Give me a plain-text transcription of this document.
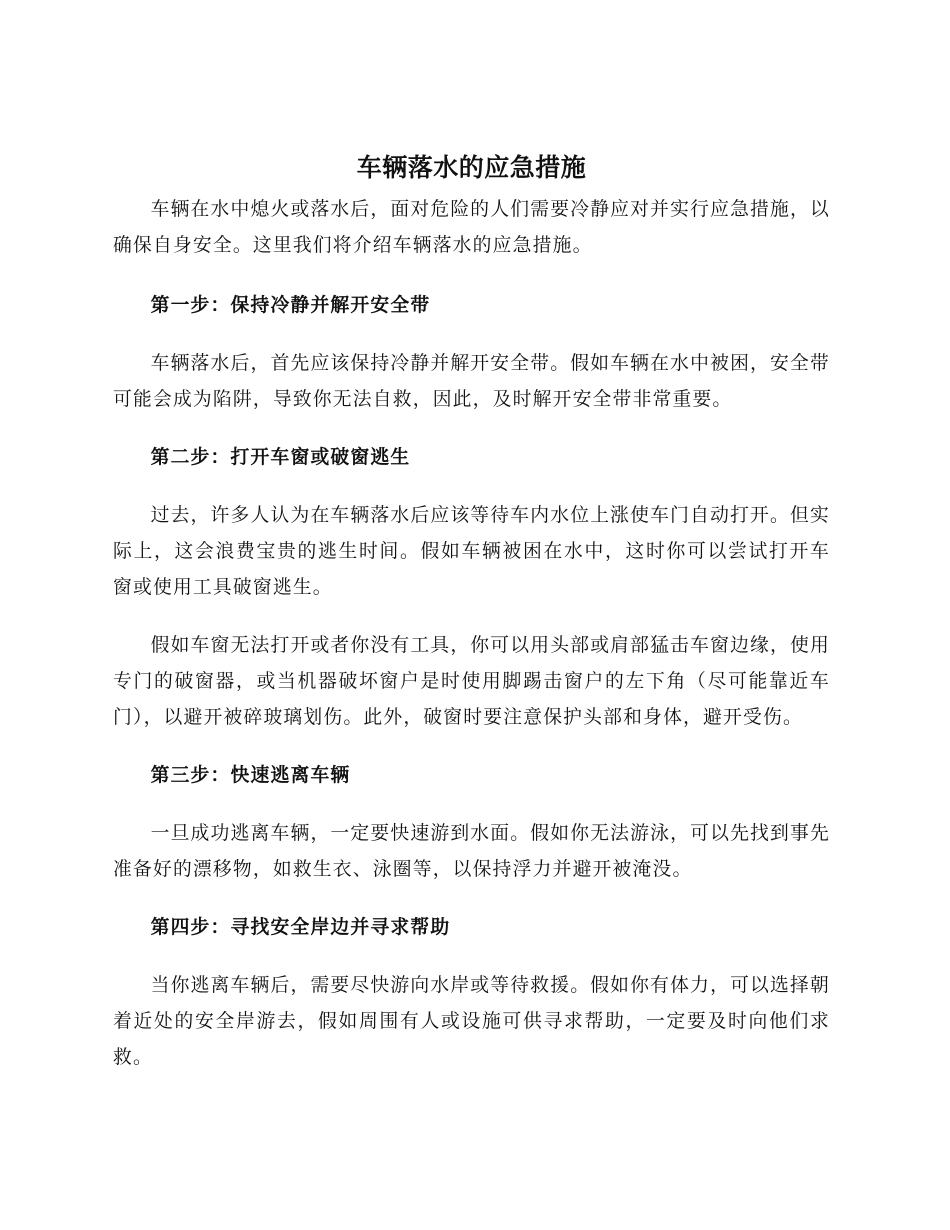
车辆落水的应急措施

车辆在水中熄火或落水后，面对危险的人们需要冷静应对并实行应急措施，以确保自身安全。这里我们将介绍车辆落水的应急措施。

第一步：保持冷静并解开安全带

车辆落水后，首先应该保持冷静并解开安全带。假如车辆在水中被困，安全带可能会成为陷阱，导致你无法自救，因此，及时解开安全带非常重要。

第二步：打开车窗或破窗逃生

过去，许多人认为在车辆落水后应该等待车内水位上涨使车门自动打开。但实际上，这会浪费宝贵的逃生时间。假如车辆被困在水中，这时你可以尝试打开车窗或使用工具破窗逃生。

假如车窗无法打开或者你没有工具，你可以用头部或肩部猛击车窗边缘，使用专门的破窗器，或当机器破坏窗户是时使用脚踢击窗户的左下角（尽可能靠近车门），以避开被碎玻璃划伤。此外，破窗时要注意保护头部和身体，避开受伤。

第三步：快速逃离车辆

一旦成功逃离车辆，一定要快速游到水面。假如你无法游泳，可以先找到事先准备好的漂移物，如救生衣、泳圈等，以保持浮力并避开被淹没。

第四步：寻找安全岸边并寻求帮助

当你逃离车辆后，需要尽快游向水岸或等待救援。假如你有体力，可以选择朝着近处的安全岸游去，假如周围有人或设施可供寻求帮助，一定要及时向他们求救。
